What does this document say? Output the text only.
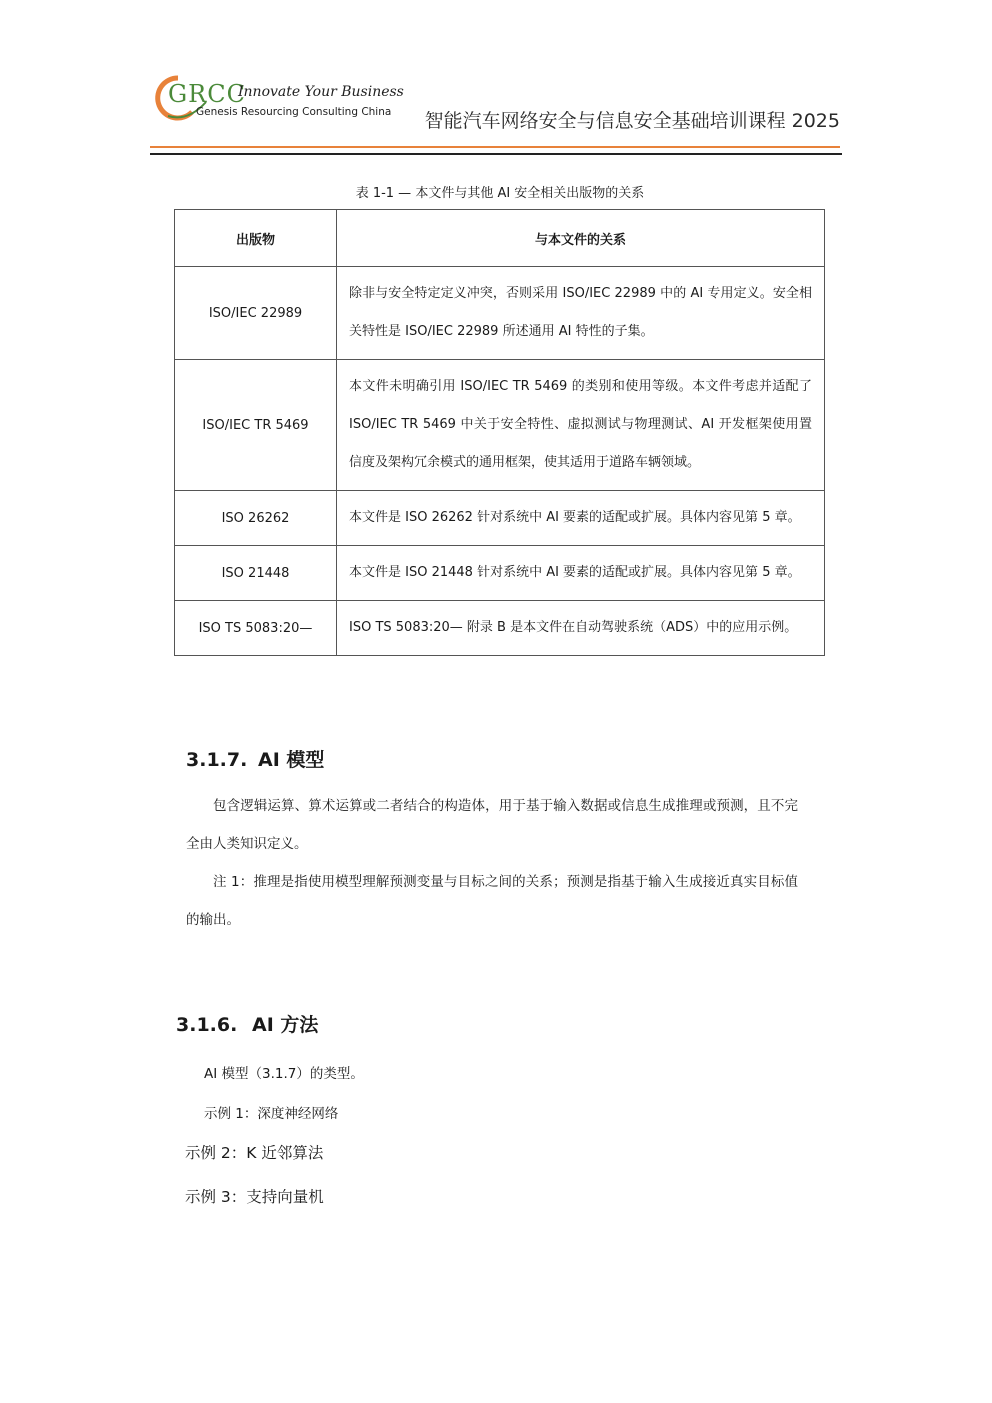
GRCC
Innovate Your Business
Genesis Resourcing Consulting China 智能汽车网络安全与信息安全基础培训课程 2025
表 1-1 — 本文件与其他 AI 安全相关出版物的关系
出版物	与本文件的关系
ISO/IEC 22989	除非与安全特定定义冲突，否则采用 ISO/IEC 22989 中的 AI 专用定义。安全相关特性是 ISO/IEC 22989 所述通用 AI 特性的子集。
ISO/IEC TR 5469	本文件未明确引用 ISO/IEC TR 5469 的类别和使用等级。本文件考虑并适配了 ISO/IEC TR 5469 中关于安全特性、虚拟测试与物理测试、AI 开发框架使用置信度及架构冗余模式的通用框架，使其适用于道路车辆领域。
ISO 26262	本文件是 ISO 26262 针对系统中 AI 要素的适配或扩展。具体内容见第 5 章。
ISO 21448	本文件是 ISO 21448 针对系统中 AI 要素的适配或扩展。具体内容见第 5 章。
ISO TS 5083:20—	ISO TS 5083:20— 附录 B 是本文件在自动驾驶系统（ADS）中的应用示例。
3.1.7. AI 模型
包含逻辑运算、算术运算或二者结合的构造体，用于基于输入数据或信息生成推理或预测，且不完全由人类知识定义。
注 1：推理是指使用模型理解预测变量与目标之间的关系；预测是指基于输入生成接近真实目标值的输出。
3.1.6. AI 方法
AI 模型（3.1.7）的类型。
示例 1：深度神经网络
示例 2：K 近邻算法
示例 3：支持向量机
